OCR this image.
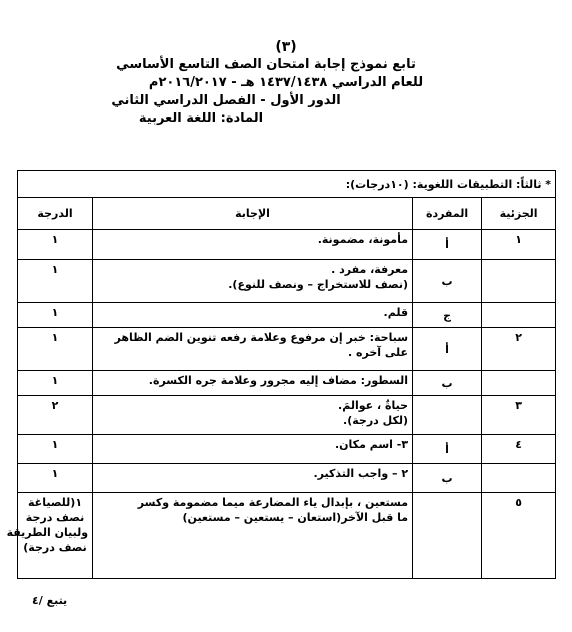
(٣)
تابع نموذج إجابة امتحان الصف التاسع الأساسي
للعام الدراسي ١٤٣٧/١٤٣٨ هـ - ٢٠١٦/٢٠١٧م
الدور الأول - الفصل الدراسي الثاني
المادة: اللغة العربية
* ثالثاً: التطبيقات اللغوية: (١٠درجات):			
الجزئية	المفردة	الإجابة	الدرجة
١	أ	مأمونة، مضمونة.	١

	ب	معرفة، مفرد .
(نصف للاستخراج – ونصف للنوع).	١

	ج	قلم.	١

٢	أ	سباحة: خبر إن مرفوع وعلامة رفعه تنوين الضم الظاهر
على آخره .	١

	ب	السطور: مضاف إليه مجرور وعلامة جره الكسرة.	١

٣		حياةٌ ، عوالمَ.
(لكل درجة).	٢

٤	أ	٣- اسم مكان.	١

	ب	٢ – واجب التذكير.	١

٥		مستعين ، بإبدال ياء المضارعة ميما مضمومة وكسر
ما قبل الآخر(استعان – يستعين – مستعين)	١(للصياغة
نصف درجة
ولبيان الطريقة
نصف درجة)
يتبع /٤
